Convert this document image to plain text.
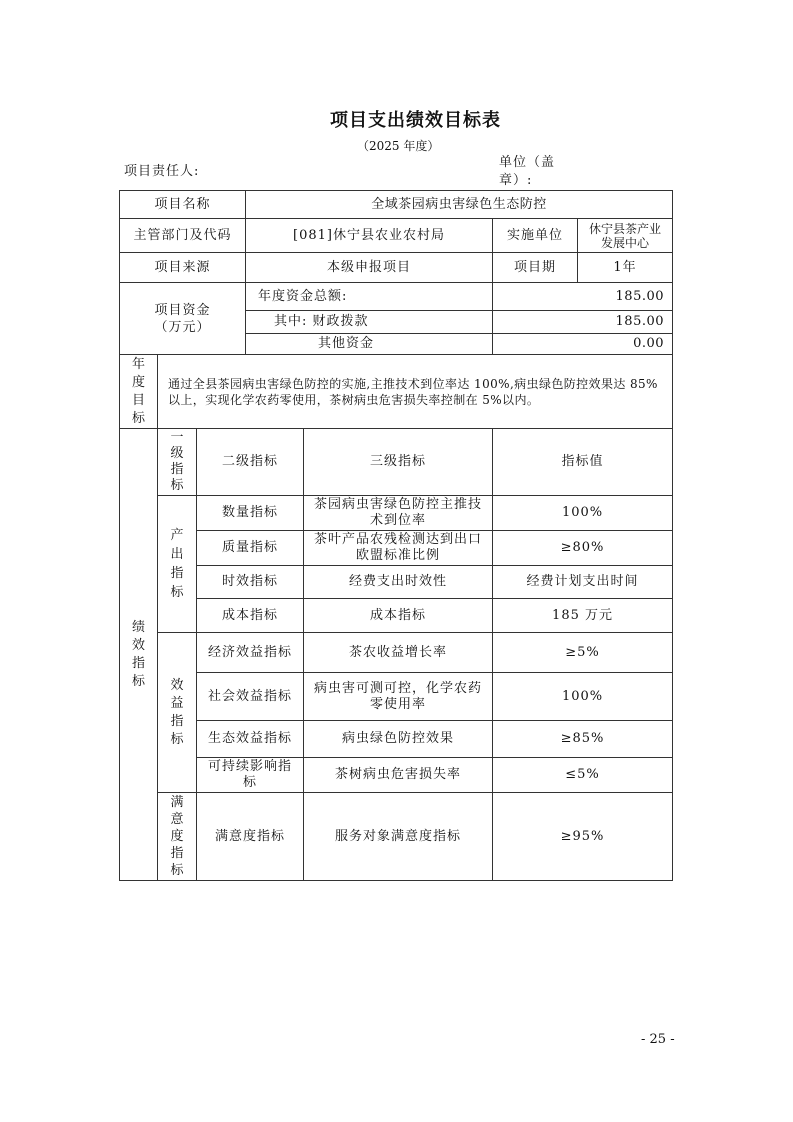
项目支出绩效目标表
（2025 年度）
项目责任人:
单位（盖章）:
项目名称			全域茶园病虫害绿色生态防控			
主管部门及代码			[081]休宁县农业农村局		实施单位	休宁县茶产业发展中心
项目来源			本级申报项目		项目期	1年
项目资金
（万元）			年度资金总额:		185.00	
			其中: 财政拨款		185.00	
			其他资金		0.00	

年度目标	通过全县茶园病虫害绿色防控的实施,主推技术到位率达 100%,病虫绿色防控效果达 85%以上，实现化学农药零使用，茶树病虫危害损失率控制在 5%以内。					

绩效指标	一级指标	二级指标		三级指标	指标值	

	产出指标	数量指标		茶园病虫害绿色防控主推技术到位率	100%	
		质量指标		茶叶产品农残检测达到出口欧盟标准比例	≥80%	
		时效指标		经费支出时效性	经费计划支出时间	
		成本指标		成本指标	185 万元	

	效益指标	经济效益指标		茶农收益增长率	≥5%	
		社会效益指标		病虫害可测可控，化学农药零使用率	100%	
		生态效益指标		病虫绿色防控效果	≥85%	
		可持续影响指标		茶树病虫危害损失率	≤5%	

	满意度指标	满意度指标		服务对象满意度指标	≥95%	
- 25 -
